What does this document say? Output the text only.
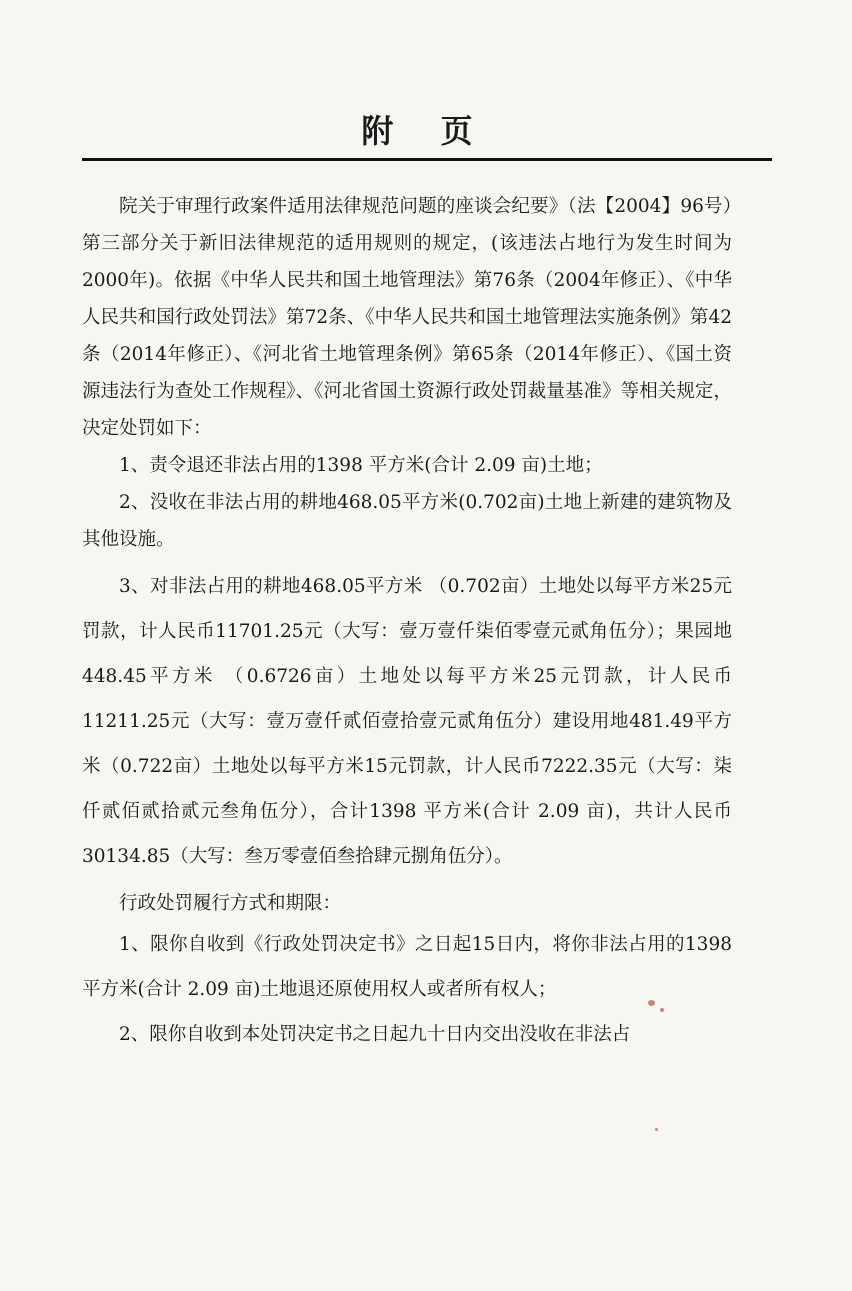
附 页

院关于审理行政案件适用法律规范问题的座谈会纪要》（法【2004】96号）第三部分关于新旧法律规范的适用规则的规定，(该违法占地行为发生时间为2000年)。依据《中华人民共和国土地管理法》第76条（2004年修正）、《中华人民共和国行政处罚法》第72条、《中华人民共和国土地管理法实施条例》第42条（2014年修正）、《河北省土地管理条例》第65条（2014年修正）、《国土资源违法行为查处工作规程》、《河北省国土资源行政处罚裁量基准》等相关规定，决定处罚如下：

1、责令退还非法占用的1398 平方米(合计 2.09 亩)土地；

2、没收在非法占用的耕地468.05平方米(0.702亩)土地上新建的建筑物及其他设施。

3、对非法占用的耕地468.05平方米 （0.702亩）土地处以每平方米25元罚款，计人民币11701.25元（大写：壹万壹仟柒佰零壹元贰角伍分）；果园地448.45平方米 （0.6726亩）土地处以每平方米25元罚款，计人民币11211.25元（大写：壹万壹仟贰佰壹拾壹元贰角伍分）建设用地481.49平方米（0.722亩）土地处以每平方米15元罚款，计人民币7222.35元（大写：柒仟贰佰贰拾贰元叁角伍分），合计1398 平方米(合计 2.09 亩)，共计人民币30134.85（大写：叁万零壹佰叁拾肆元捌角伍分）。

行政处罚履行方式和期限：

1、限你自收到《行政处罚决定书》之日起15日内，将你非法占用的1398平方米(合计 2.09 亩)土地退还原使用权人或者所有权人；

2、限你自收到本处罚决定书之日起九十日内交出没收在非法占
